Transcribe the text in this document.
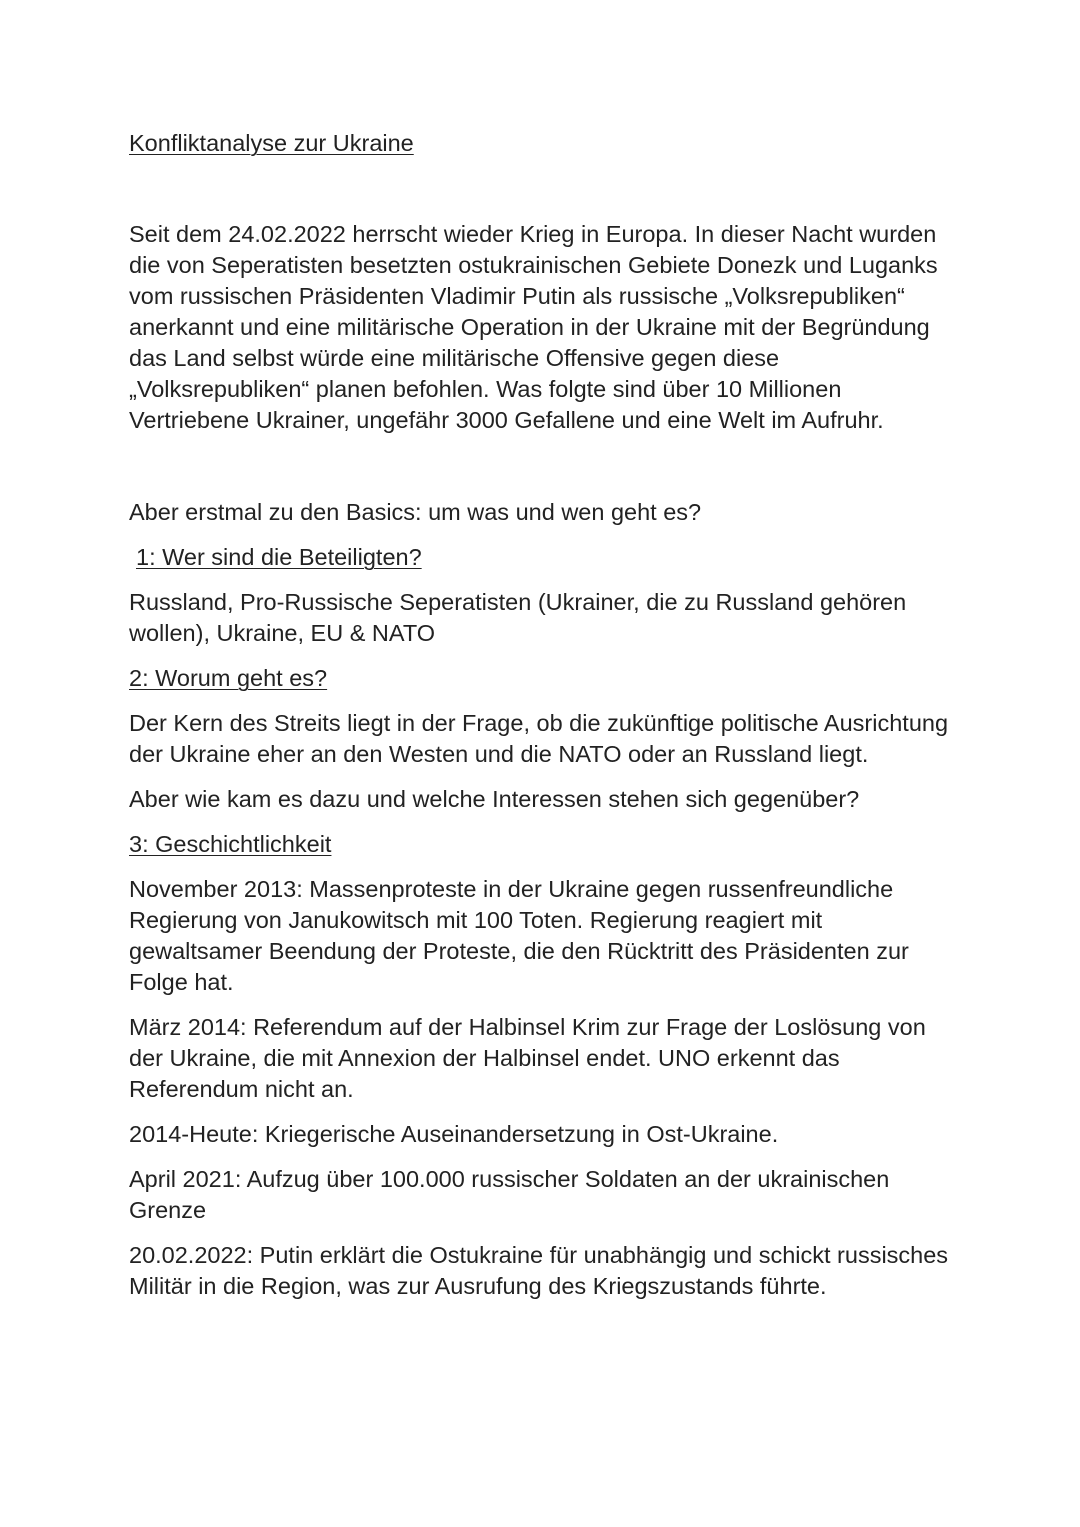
Konfliktanalyse zur Ukraine

Seit dem 24.02.2022 herrscht wieder Krieg in Europa. In dieser Nacht wurden die von Seperatisten besetzten ostukrainischen Gebiete Donezk und Luganks vom russischen Präsidenten Vladimir Putin als russische „Volksrepubliken“ anerkannt und eine militärische Operation in der Ukraine mit der Begründung das Land selbst würde eine militärische Offensive gegen diese „Volksrepubliken“ planen befohlen. Was folgte sind über 10 Millionen Vertriebene Ukrainer, ungefähr 3000 Gefallene und eine Welt im Aufruhr.

Aber erstmal zu den Basics: um was und wen geht es?

1: Wer sind die Beteiligten?

Russland, Pro-Russische Seperatisten (Ukrainer, die zu Russland gehören wollen), Ukraine, EU & NATO

2: Worum geht es?

Der Kern des Streits liegt in der Frage, ob die zukünftige politische Ausrichtung der Ukraine eher an den Westen und die NATO oder an Russland liegt.

Aber wie kam es dazu und welche Interessen stehen sich gegenüber?

3: Geschichtlichkeit

November 2013: Massenproteste in der Ukraine gegen russenfreundliche Regierung von Janukowitsch mit 100 Toten. Regierung reagiert mit gewaltsamer Beendung der Proteste, die den Rücktritt des Präsidenten zur Folge hat.

März 2014: Referendum auf der Halbinsel Krim zur Frage der Loslösung von der Ukraine, die mit Annexion der Halbinsel endet. UNO erkennt das Referendum nicht an.

2014-Heute: Kriegerische Auseinandersetzung in Ost-Ukraine.

April 2021: Aufzug über 100.000 russischer Soldaten an der ukrainischen Grenze

20.02.2022: Putin erklärt die Ostukraine für unabhängig und schickt russisches Militär in die Region, was zur Ausrufung des Kriegszustands führte.
